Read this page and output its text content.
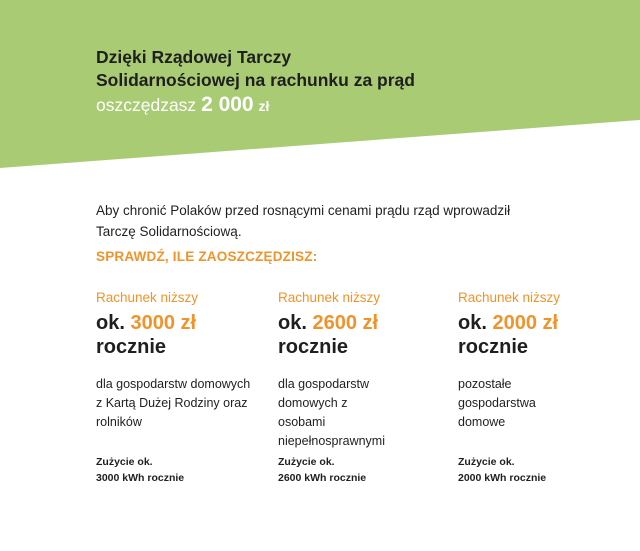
Dzięki Rządowej Tarczy
Solidarnościowej na rachunku za prąd
oszczędzasz 2 000 zł
Aby chronić Polaków przed rosnącymi cenami prądu rząd wprowadził Tarczę Solidarnościową.
SPRAWDŹ, ILE ZAOSZCZĘDZISZ:
Rachunek niższy
ok. 3000 zł
rocznie
dla gospodarstw domowych z Kartą Dużej Rodziny oraz rolników
Zużycie ok.
3000 kWh rocznie
Rachunek niższy
ok. 2600 zł
rocznie
dla gospodarstw domowych z osobami niepełnosprawnymi
Zużycie ok.
2600 kWh rocznie
Rachunek niższy
ok. 2000 zł
rocznie
pozostałe gospodarstwa domowe
Zużycie ok.
2000 kWh rocznie
